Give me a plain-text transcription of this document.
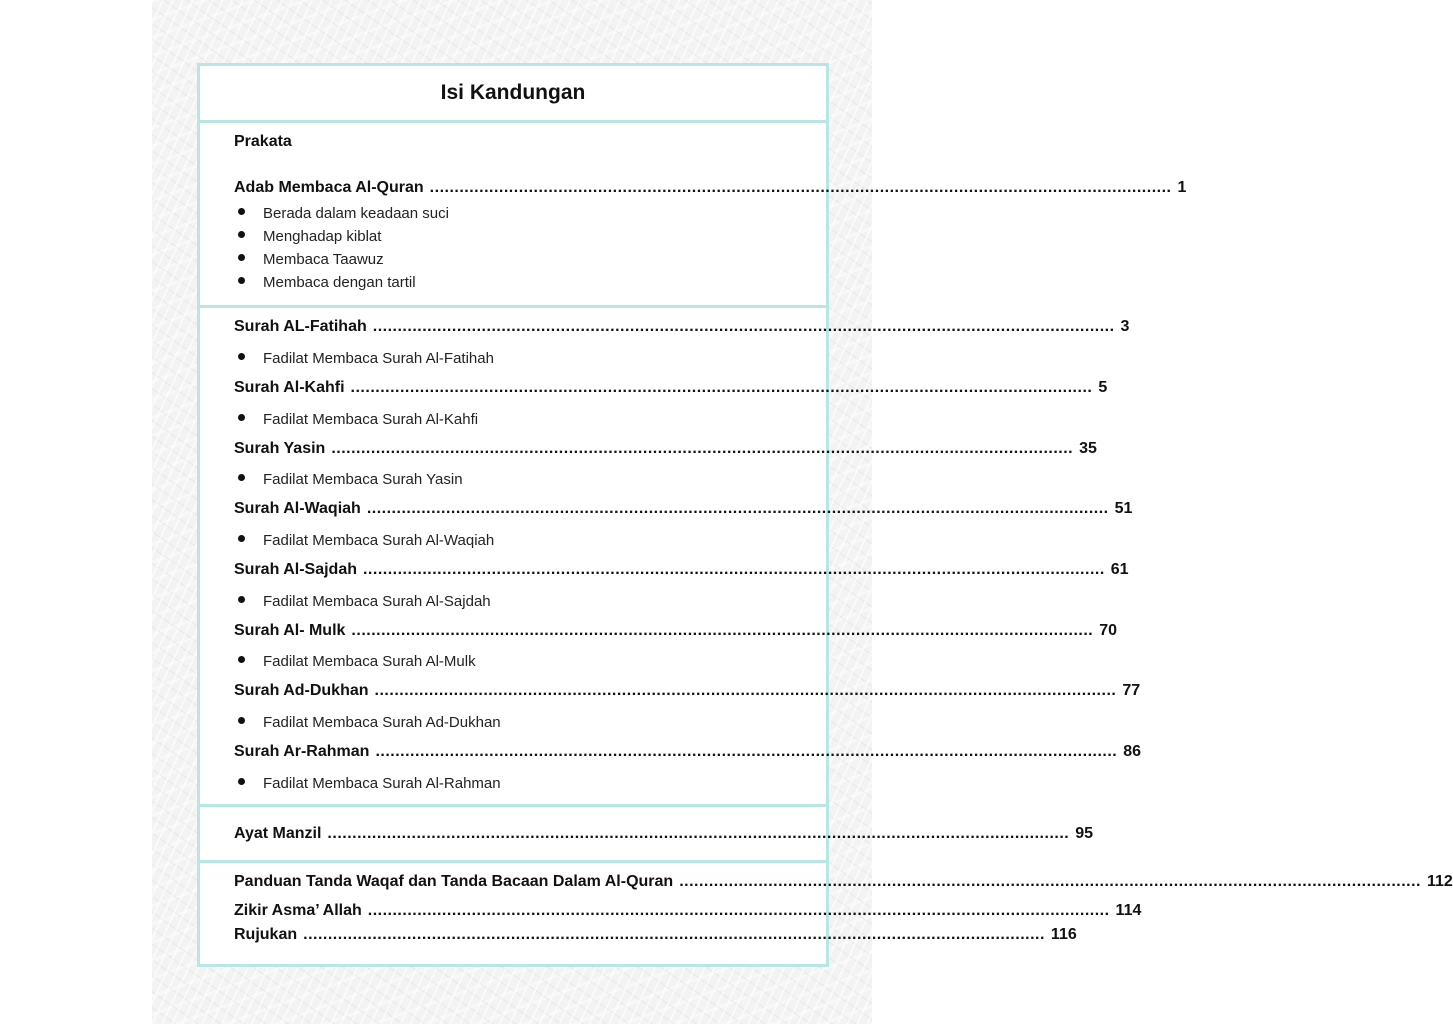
Isi Kandungan
Prakata
Adab Membaca Al-Quran ...................................................................................................................................................... 1
Berada dalam keadaan suci
Menghadap kiblat
Membaca Taawuz
Membaca dengan tartil
Surah AL-Fatihah ...................................................................................................................................................... 3
Fadilat Membaca Surah Al-Fatihah
Surah Al-Kahfi ...................................................................................................................................................... 5
Fadilat Membaca Surah Al-Kahfi
Surah Yasin ...................................................................................................................................................... 35
Fadilat Membaca Surah Yasin
Surah Al-Waqiah ...................................................................................................................................................... 51
Fadilat Membaca Surah Al-Waqiah
Surah Al-Sajdah ...................................................................................................................................................... 61
Fadilat Membaca Surah Al-Sajdah
Surah Al- Mulk ...................................................................................................................................................... 70
Fadilat Membaca Surah Al-Mulk
Surah Ad-Dukhan ...................................................................................................................................................... 77
Fadilat Membaca Surah Ad-Dukhan
Surah Ar-Rahman ...................................................................................................................................................... 86
Fadilat Membaca Surah Al-Rahman
Ayat Manzil ...................................................................................................................................................... 95
Panduan Tanda Waqaf dan Tanda Bacaan Dalam Al-Quran ...................................................................................................................................................... 112
Zikir Asma’ Allah ...................................................................................................................................................... 114
Rujukan ...................................................................................................................................................... 116
